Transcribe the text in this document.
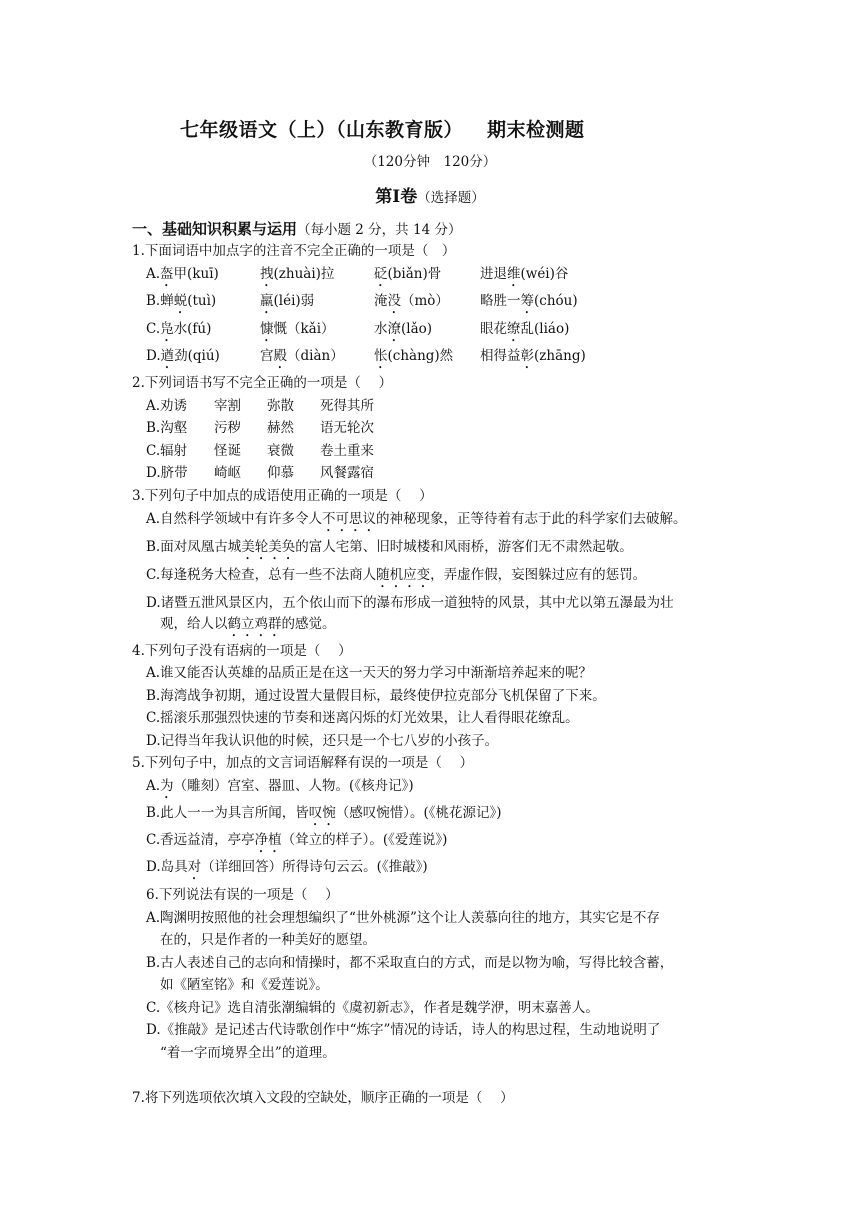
七年级语文（上）（山东教育版） 期末检测题
（120分钟　120分）
第Ⅰ卷（选择题）
一、基础知识积累与运用（每小题 2 分，共 14 分）
1.下面词语中加点字的注音不完全正确的一项是（　）
A.盔甲(kuī)	拽(zhuài)拉	砭(biǎn)骨	进退维(wéi)谷
B.蝉蜕(tuì)	羸(léi)弱	淹没（mò） 略胜一筹(chóu)
C.凫水(fú)	慷慨（kǎi）	水潦(lǎo)	眼花缭乱(liáo)
D.遒劲(qiú)	宫殿（diàn） 怅(chàng)然 相得益彰(zhāng)
2.下列词语书写不完全正确的一项是（　 ）
A.劝诱 宰割 弥散 死得其所
B.沟壑 污秽 赫然 语无轮次
C.辐射 怪诞 衰微 卷土重来
D.脐带 崎岖 仰慕 风餐露宿
3.下列句子中加点的成语使用正确的一项是（　 ）
A.自然科学领域中有许多令人不可思议的神秘现象，正等待着有志于此的科学家们去破解。
B.面对凤凰古城美轮美奂的富人宅第、旧时城楼和风雨桥，游客们无不肃然起敬。
C.每逢税务大检查，总有一些不法商人随机应变，弄虚作假，妄图躲过应有的惩罚。
D.诸暨五泄风景区内，五个依山而下的瀑布形成一道独特的风景，其中尤以第五瀑最为壮
观，给人以鹤立鸡群的感觉。
4.下列句子没有语病的一项是（　 ）
A.谁又能否认英雄的品质正是在这一天天的努力学习中渐渐培养起来的呢？
B.海湾战争初期，通过设置大量假目标，最终使伊拉克部分飞机保留了下来。
C.摇滚乐那强烈快速的节奏和迷离闪烁的灯光效果，让人看得眼花缭乱。
D.记得当年我认识他的时候，还只是一个七八岁的小孩子。
5.下列句子中，加点的文言词语解释有误的一项是（　 ）
A.为（雕刻）宫室、器皿、人物。(《核舟记》)
B.此人一一为具言所闻，皆叹惋（感叹惋惜）。(《桃花源记》)
C.香远益清，亭亭净植（耸立的样子）。(《爱莲说》)
D.岛具对（详细回答）所得诗句云云。(《推敲》)
6.下列说法有误的一项是（　 ）
A.陶渊明按照他的社会理想编织了“世外桃源”这个让人羡慕向往的地方，其实它是不存
在的，只是作者的一种美好的愿望。
B.古人表述自己的志向和情操时，都不采取直白的方式，而是以物为喻，写得比较含蓄，
如《陋室铭》和《爱莲说》。
C.《核舟记》选自清张潮编辑的《虞初新志》，作者是魏学洢，明末嘉善人。
D.《推敲》是记述古代诗歌创作中“炼字”情况的诗话，诗人的构思过程，生动地说明了
“着一字而境界全出”的道理。
7.将下列选项依次填入文段的空缺处，顺序正确的一项是（　 ）
